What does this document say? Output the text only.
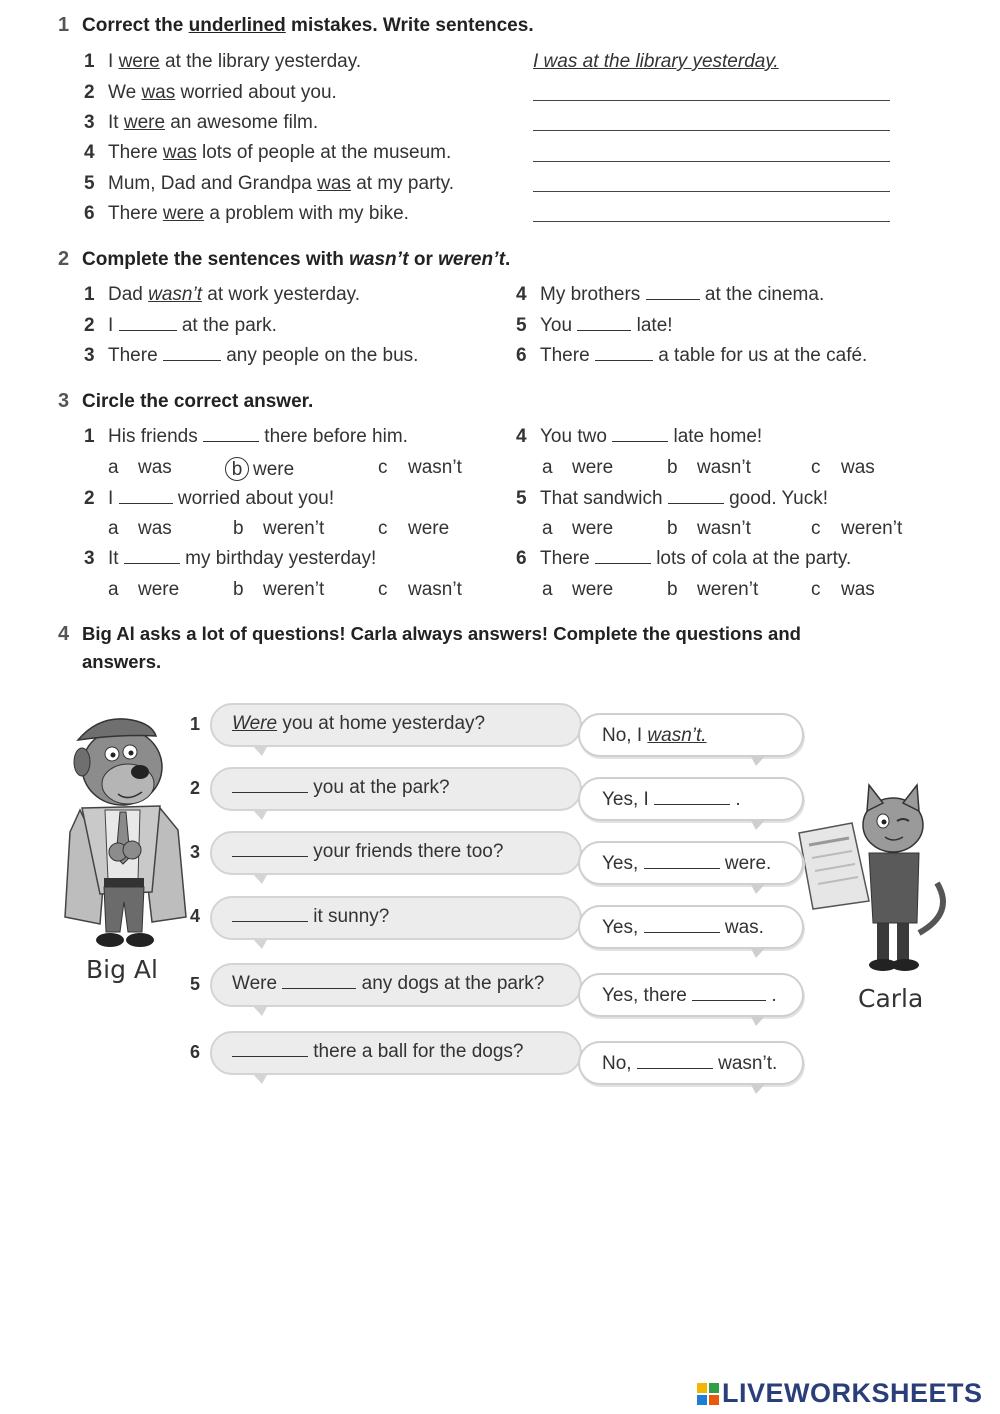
1 Correct the underlined mistakes. Write sentences.
1 I were at the library yesterday.	I was at the library yesterday.
2 We was worried about you.
3 It were an awesome film.
4 There was lots of people at the museum.
5 Mum, Dad and Grandpa was at my party.
6 There were a problem with my bike.
2 Complete the sentences with wasn’t or weren’t.
1 Dad wasn’t at work yesterday.
2 I	at the park.
3 There	any people on the bus.
4 My brothers	at the cinema.
5 You	late!
6 There	a table for us at the café.
3 Circle the correct answer.
1 His friends	there before him.
a was	b were	c wasn’t
2 I	worried about you!
a was	b weren’t	c were
3 It	my birthday yesterday!
a were	b weren’t	c wasn’t
4 You two	late home!
a were	b wasn’t	c was
5 That sandwich	good. Yuck!
a were	b wasn’t	c weren’t
6 There	lots of cola at the party.
a were	b weren’t	c was
4 Big Al asks a lot of questions! Carla always answers! Complete the questions and
answers.
Big Al
Carla
1	Were you at home yesterday?
No, I wasn’t.
2	you at the park?
Yes, I	.
3	your friends there too?
Yes,	were.
4	it sunny?
Yes,	was.
5	Were	any dogs at the park?
Yes, there	.
6	there a ball for the dogs?
No,	wasn’t.
LIVEWORKSHEETS
